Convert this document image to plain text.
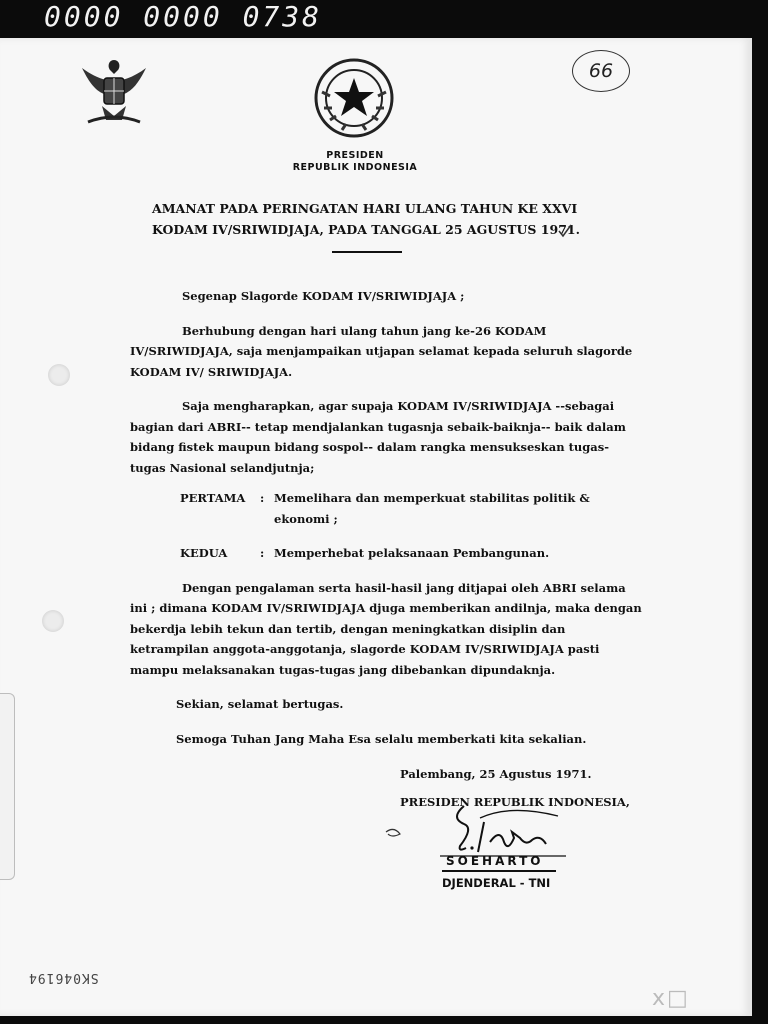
0000 0000 0738
66
PRESIDEN
REPUBLIK INDONESIA
AMANAT PADA PERINGATAN HARI ULANG TAHUN KE XXVI
KODAM IV/SRIWIDJAJA, PADA TANGGAL 25 AGUSTUS 1971.

Segenap Slagorde KODAM IV/SRIWIDJAJA ;

Berhubung dengan hari ulang tahun jang ke-26 KODAM IV/SRIWIDJAJA, saja menjampaikan utjapan selamat kepada seluruh slagorde KODAM IV/ SRIWIDJAJA.

Saja mengharapkan, agar supaja KODAM IV/SRIWIDJAJA --sebagai bagian dari ABRI-- tetap mendjalankan tugasnja sebaik-baiknja-- baik dalam bidang fistek maupun bidang sospol-- dalam rangka mensukseskan tugas-tugas Nasional selandjutnja;

PERTAMA	: Memelihara dan memperkuat stabilitas politik & ekonomi ;
KEDUA	: Memperhebat pelaksanaan Pembangunan.

Dengan pengalaman serta hasil-hasil jang ditjapai oleh ABRI selama ini ; dimana KODAM IV/SRIWIDJAJA djuga memberikan andilnja, maka dengan bekerdja lebih tekun dan tertib, dengan meningkatkan disiplin dan ketrampilan anggota-anggotanja, slagorde KODAM IV/SRIWIDJAJA pasti mampu melaksanakan tugas-tugas jang dibebankan dipundaknja.

Sekian, selamat bertugas.

Semoga Tuhan Jang Maha Esa selalu memberkati kita sekalian.

Palembang, 25 Agustus 1971.
PRESIDEN REPUBLIK INDONESIA,
SOEHARTO
DJENDERAL - TNI
SK046194
x□
